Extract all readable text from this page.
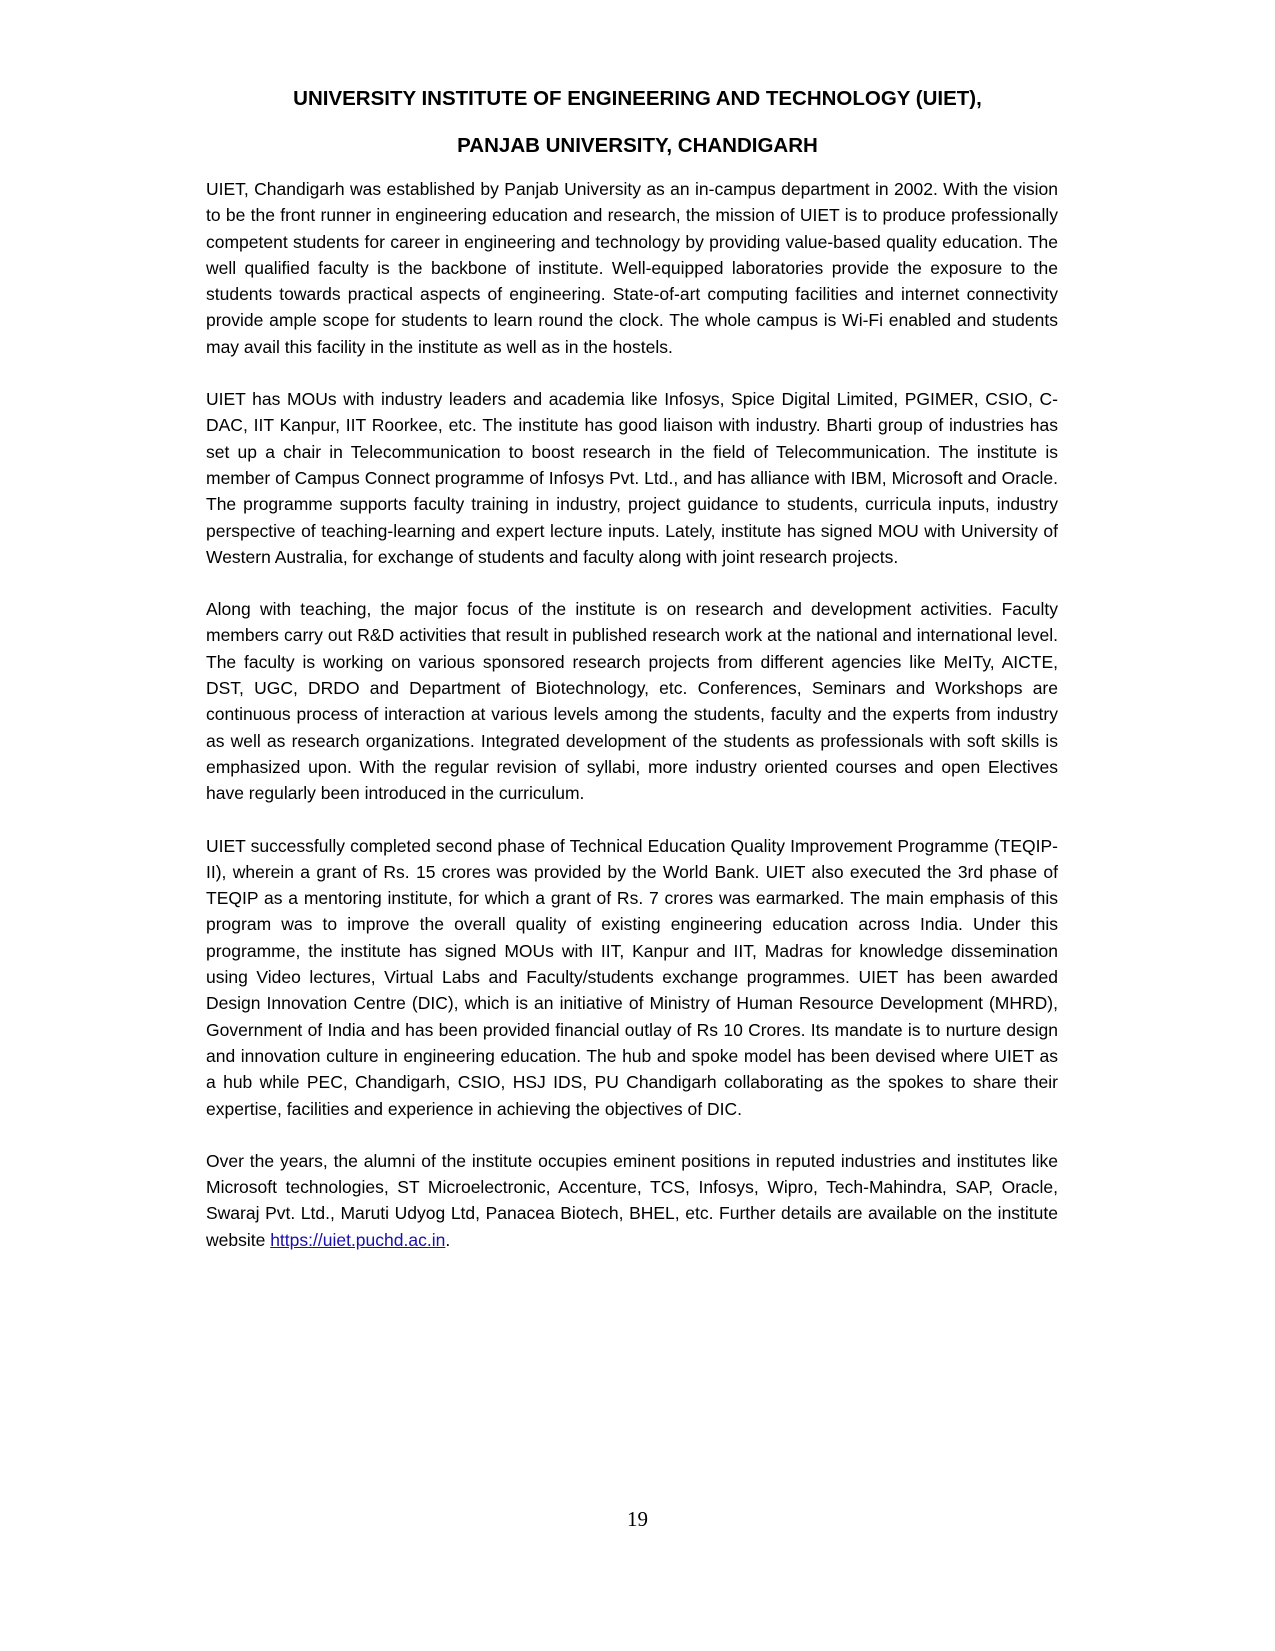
UNIVERSITY INSTITUTE OF ENGINEERING AND TECHNOLOGY (UIET),
PANJAB UNIVERSITY, CHANDIGARH

UIET, Chandigarh was established by Panjab University as an in-campus department in 2002. With the vision to be the front runner in engineering education and research, the mission of UIET is to produce professionally competent students for career in engineering and technology by providing value-based quality education. The well qualified faculty is the backbone of institute. Well-equipped laboratories provide the exposure to the students towards practical aspects of engineering. State-of-art computing facilities and internet connectivity provide ample scope for students to learn round the clock. The whole campus is Wi-Fi enabled and students may avail this facility in the institute as well as in the hostels.

UIET has MOUs with industry leaders and academia like Infosys, Spice Digital Limited, PGIMER, CSIO, C-DAC, IIT Kanpur, IIT Roorkee, etc. The institute has good liaison with industry. Bharti group of industries has set up a chair in Telecommunication to boost research in the field of Telecommunication. The institute is member of Campus Connect programme of Infosys Pvt. Ltd., and has alliance with IBM, Microsoft and Oracle. The programme supports faculty training in industry, project guidance to students, curricula inputs, industry perspective of teaching-learning and expert lecture inputs. Lately, institute has signed MOU with University of Western Australia, for exchange of students and faculty along with joint research projects.

Along with teaching, the major focus of the institute is on research and development activities. Faculty members carry out R&D activities that result in published research work at the national and international level. The faculty is working on various sponsored research projects from different agencies like MeITy, AICTE, DST, UGC, DRDO and Department of Biotechnology, etc. Conferences, Seminars and Workshops are continuous process of interaction at various levels among the students, faculty and the experts from industry as well as research organizations. Integrated development of the students as professionals with soft skills is emphasized upon. With the regular revision of syllabi, more industry oriented courses and open Electives have regularly been introduced in the curriculum.

UIET successfully completed second phase of Technical Education Quality Improvement Programme (TEQIP-II), wherein a grant of Rs. 15 crores was provided by the World Bank. UIET also executed the 3rd phase of TEQIP as a mentoring institute, for which a grant of Rs. 7 crores was earmarked. The main emphasis of this program was to improve the overall quality of existing engineering education across India. Under this programme, the institute has signed MOUs with IIT, Kanpur and IIT, Madras for knowledge dissemination using Video lectures, Virtual Labs and Faculty/students exchange programmes. UIET has been awarded Design Innovation Centre (DIC), which is an initiative of Ministry of Human Resource Development (MHRD), Government of India and has been provided financial outlay of Rs 10 Crores. Its mandate is to nurture design and innovation culture in engineering education. The hub and spoke model has been devised where UIET as a hub while PEC, Chandigarh, CSIO, HSJ IDS, PU Chandigarh collaborating as the spokes to share their expertise, facilities and experience in achieving the objectives of DIC.

Over the years, the alumni of the institute occupies eminent positions in reputed industries and institutes like Microsoft technologies, ST Microelectronic, Accenture, TCS, Infosys, Wipro, Tech-Mahindra, SAP, Oracle, Swaraj Pvt. Ltd., Maruti Udyog Ltd, Panacea Biotech, BHEL, etc. Further details are available on the institute website https://uiet.puchd.ac.in.

19
